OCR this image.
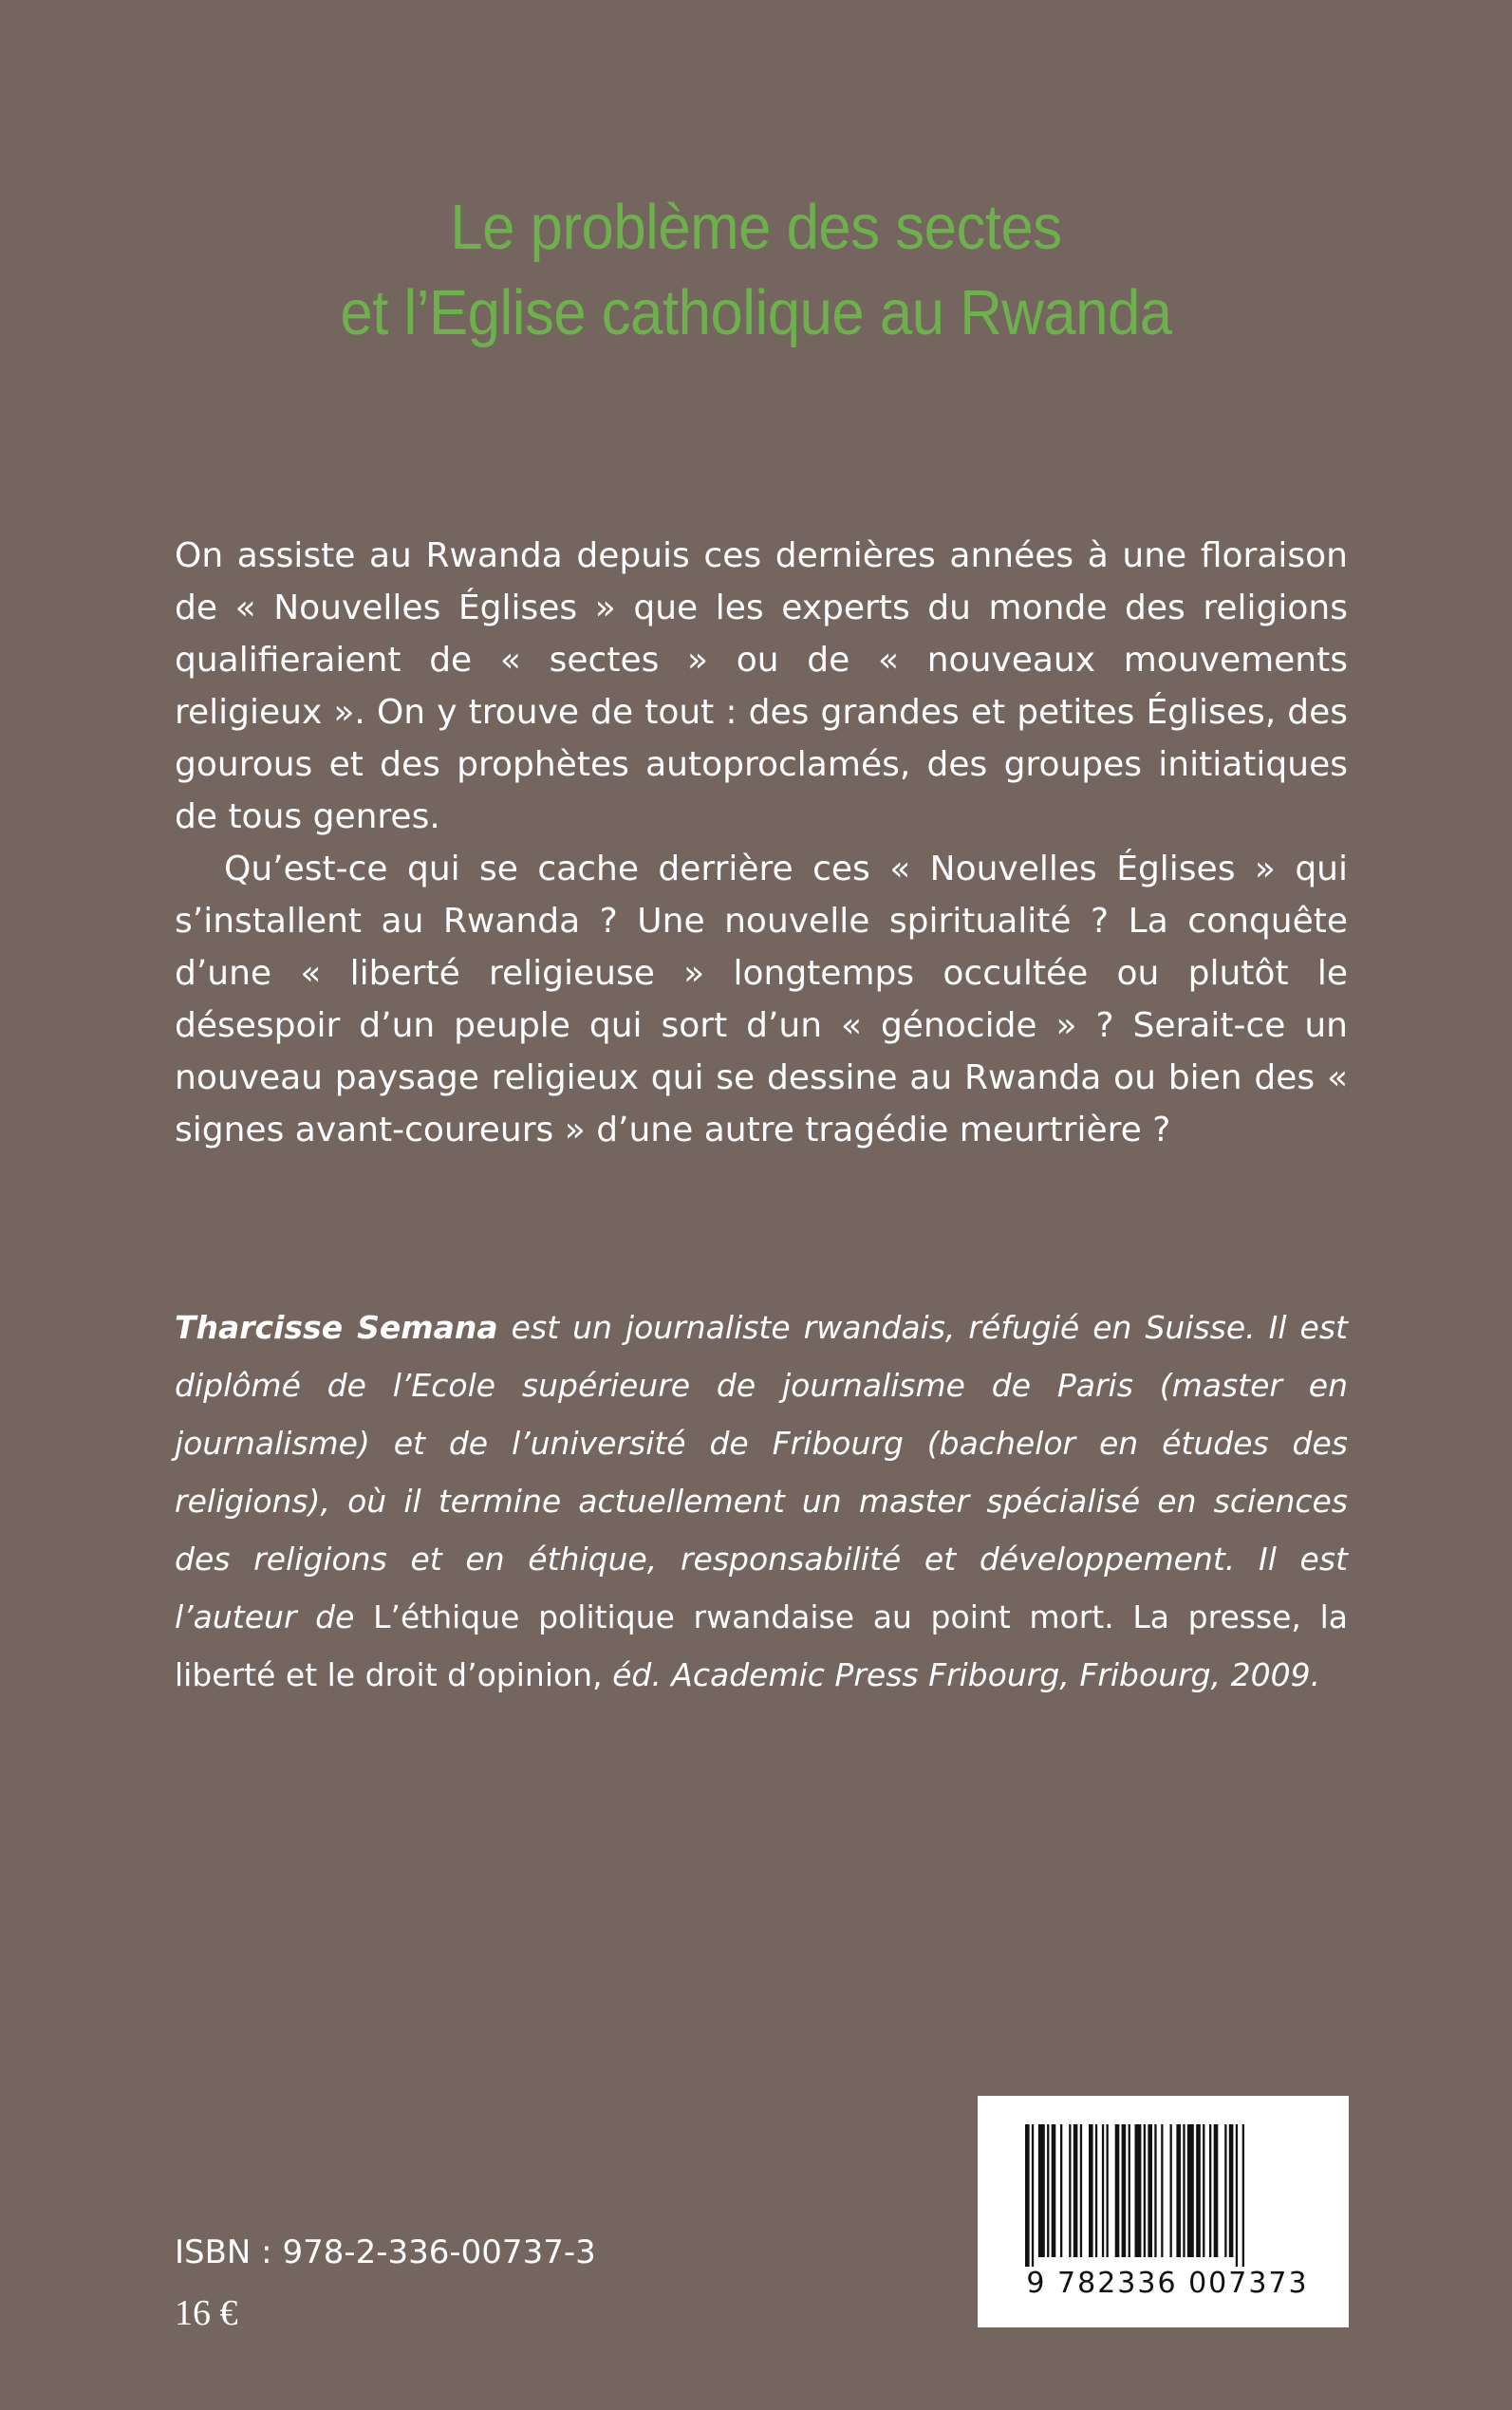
Le problème des sectes
et l’Eglise catholique au Rwanda

On assiste au Rwanda depuis ces dernières années à une floraison de « Nouvelles Églises » que les experts du monde des religions qualifieraient de « sectes » ou de « nouveaux mouvements religieux ». On y trouve de tout : des grandes et petites Églises, des gourous et des prophètes autoproclamés, des groupes initiatiques de tous genres.

Qu’est-ce qui se cache derrière ces « Nouvelles Églises » qui s’installent au Rwanda ? Une nouvelle spiritualité ? La conquête d’une « liberté religieuse » longtemps occultée ou plutôt le désespoir d’un peuple qui sort d’un « génocide » ? Serait-ce un nouveau paysage religieux qui se dessine au Rwanda ou bien des « signes avant-coureurs » d’une autre tragédie meurtrière ?

Tharcisse Semana est un journaliste rwandais, réfugié en Suisse. Il est diplômé de l’Ecole supérieure de journalisme de Paris (master en journalisme) et de l’université de Fribourg (bachelor en études des religions), où il termine actuellement un master spécialisé en sciences des religions et en éthique, responsabilité et développement. Il est l’auteur de L’éthique politique rwandaise au point mort. La presse, la liberté et le droit d’opinion, éd. Academic Press Fribourg, Fribourg, 2009.

ISBN : 978-2-336-00737-3
16 €
9 782336 007373
